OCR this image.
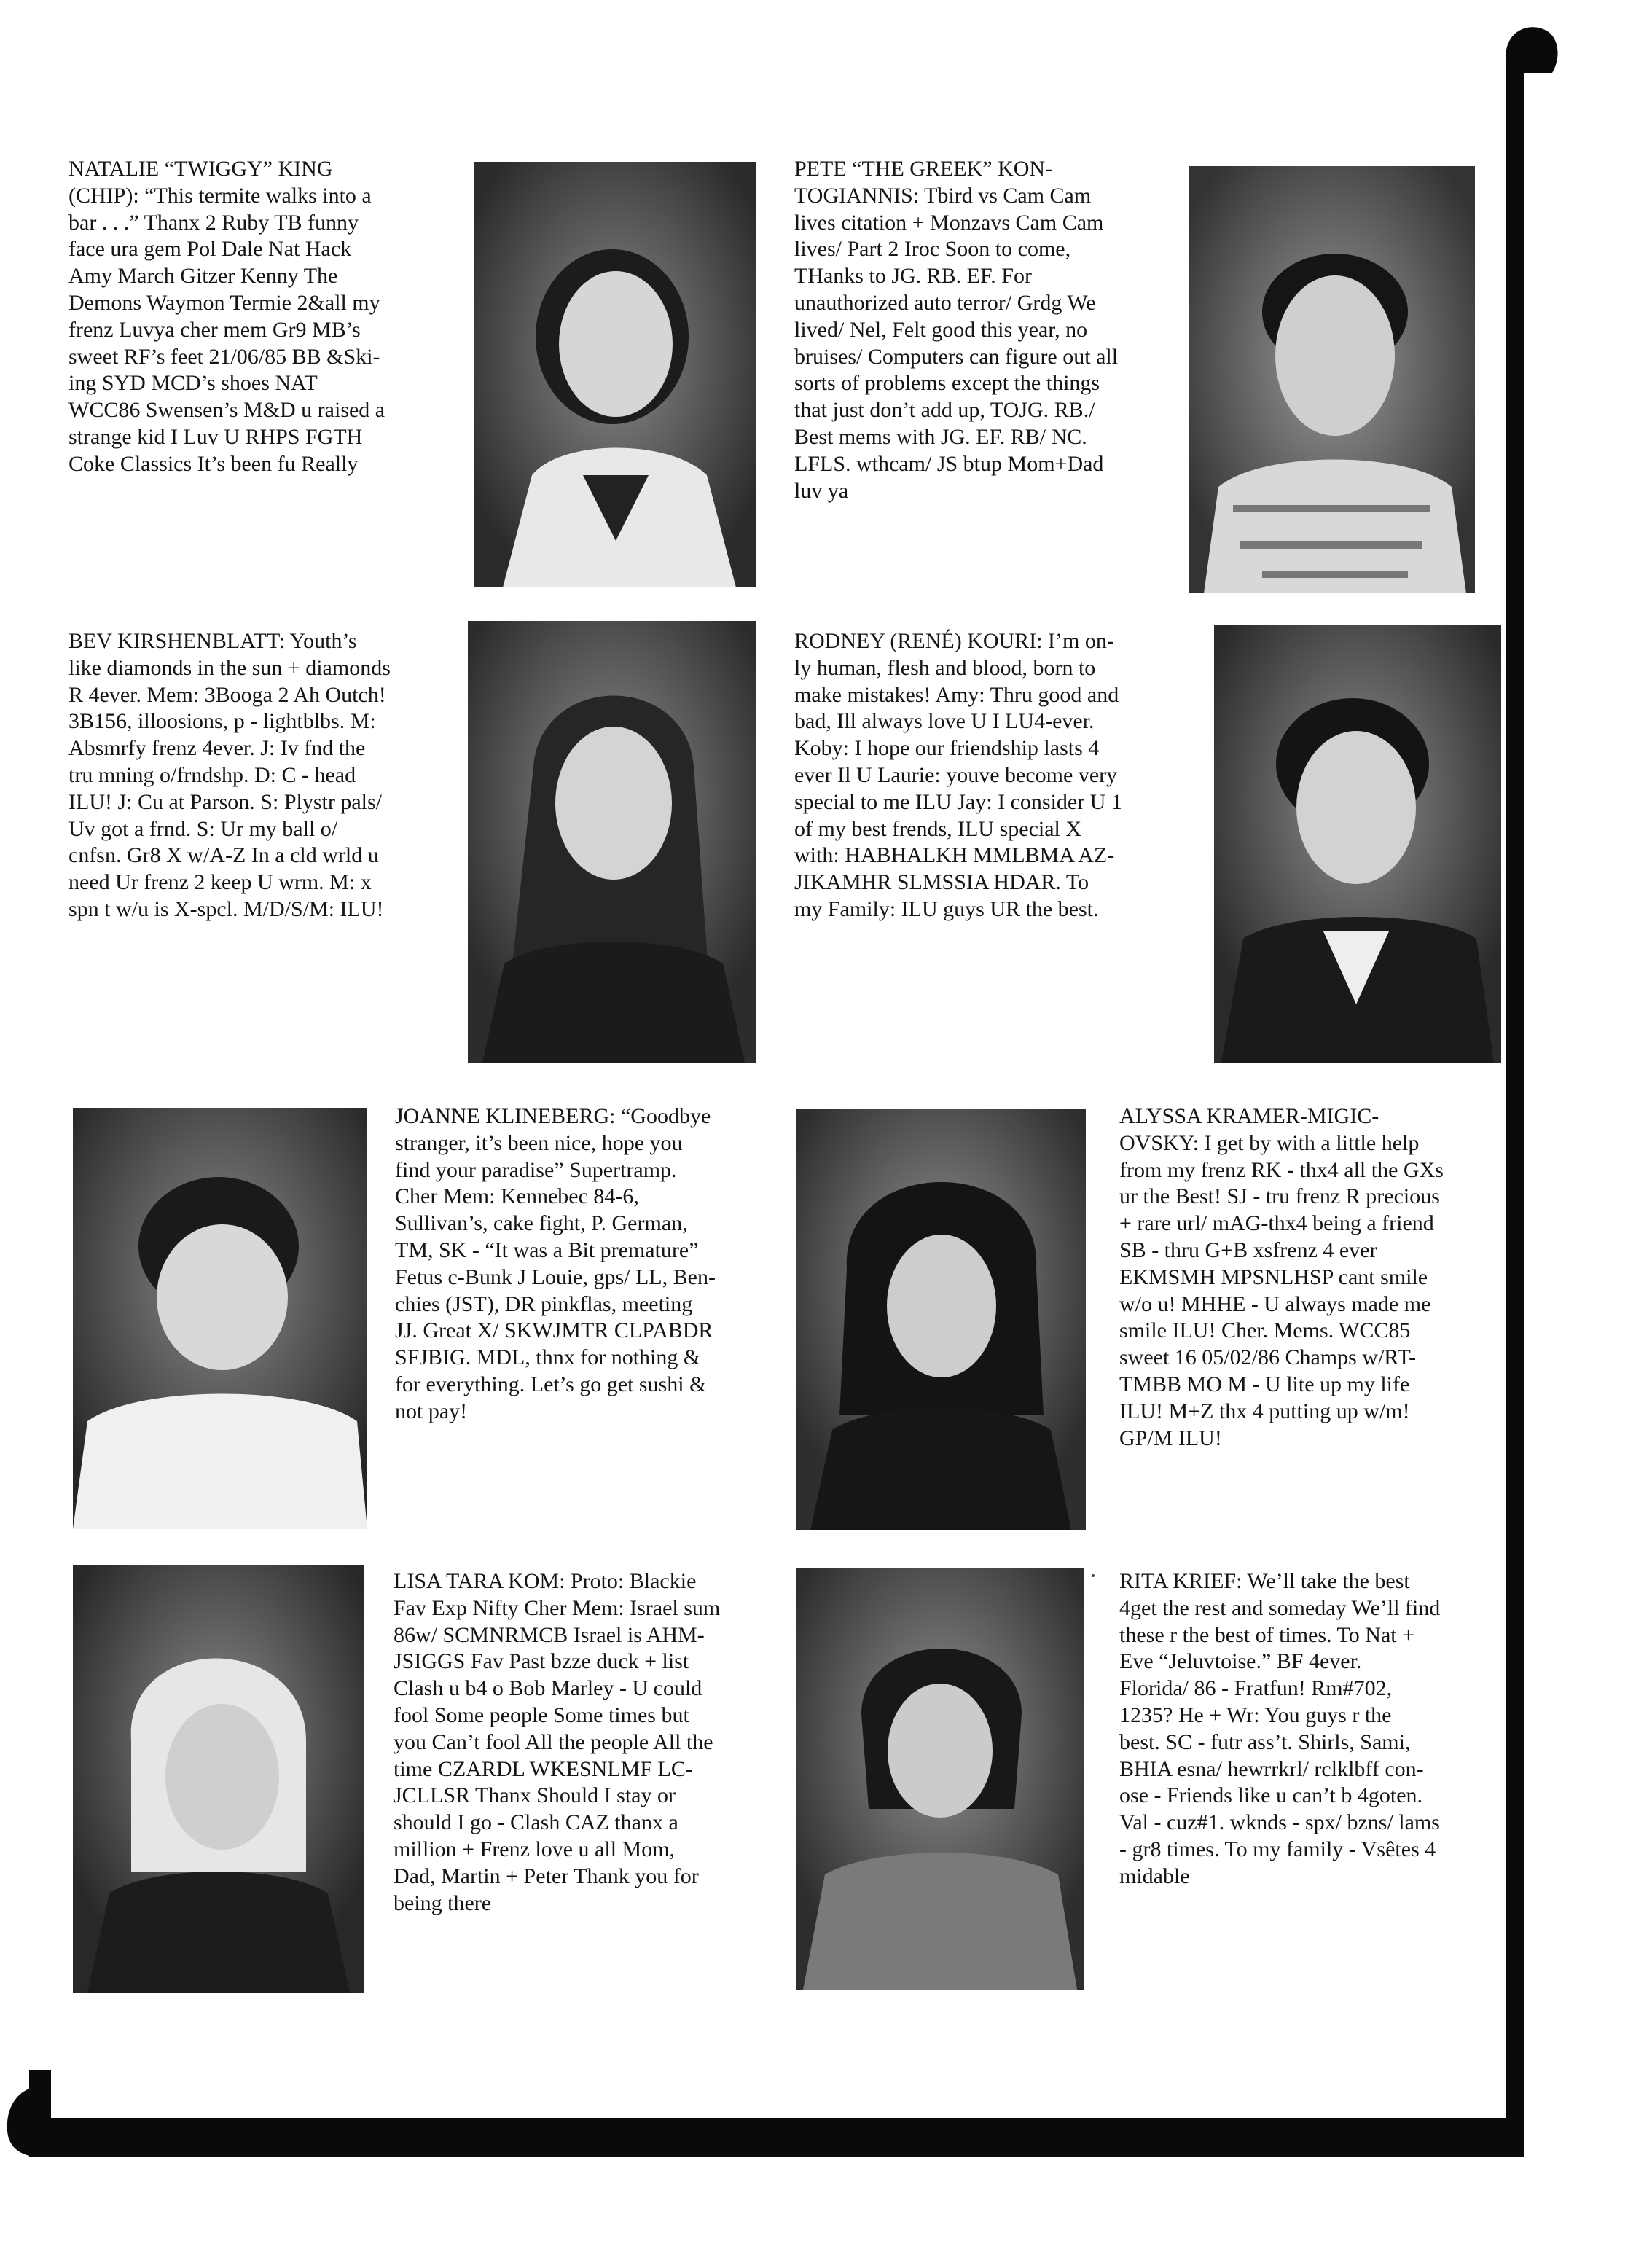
NATALIE “TWIGGY” KING
(CHIP): “This termite walks into a
bar . . .” Thanx 2 Ruby TB funny
face ura gem Pol Dale Nat Hack
Amy March Gitzer Kenny The
Demons Waymon Termie 2&all my
frenz Luvya cher mem Gr9 MB’s
sweet RF’s feet 21/06/85 BB &Ski-
ing SYD MCD’s shoes NAT
WCC86 Swensen’s M&D u raised a
strange kid I Luv U RHPS FGTH
Coke Classics It’s been fu Really
PETE “THE GREEK” KON-
TOGIANNIS: Tbird vs Cam Cam
lives citation + Monzavs Cam Cam
lives/ Part 2 Iroc Soon to come,
THanks to JG. RB. EF. For
unauthorized auto terror/ Grdg We
lived/ Nel, Felt good this year, no
bruises/ Computers can figure out all
sorts of problems except the things
that just don’t add up, TOJG. RB./
Best mems with JG. EF. RB/ NC.
LFLS. wthcam/ JS btup Mom+Dad
luv ya
BEV KIRSHENBLATT: Youth’s
like diamonds in the sun + diamonds
R 4ever. Mem: 3Booga 2 Ah Outch!
3B156, illoosions, p - lightblbs. M:
Absmrfy frenz 4ever. J: Iv fnd the
tru mning o/frndshp. D: C - head
ILU! J: Cu at Parson. S: Plystr pals/
Uv got a frnd. S: Ur my ball o/
cnfsn. Gr8 X w/A-Z In a cld wrld u
need Ur frenz 2 keep U wrm. M: x
spn t w/u is X-spcl. M/D/S/M: ILU!
RODNEY (RENÉ) KOURI: I’m on-
ly human, flesh and blood, born to
make mistakes! Amy: Thru good and
bad, Ill always love U I LU4-ever.
Koby: I hope our friendship lasts 4
ever Il U Laurie: youve become very
special to me ILU Jay: I consider U 1
of my best frends, ILU special X
with: HABHALKH MMLBMA AZ-
JIKAMHR SLMSSIA HDAR. To
my Family: ILU guys UR the best.
JOANNE KLINEBERG: “Goodbye
stranger, it’s been nice, hope you
find your paradise” Supertramp.
Cher Mem: Kennebec 84-6,
Sullivan’s, cake fight, P. German,
TM, SK - “It was a Bit premature”
Fetus c-Bunk J Louie, gps/ LL, Ben-
chies (JST), DR pinkflas, meeting
JJ. Great X/ SKWJMTR CLPABDR
SFJBIG. MDL, thnx for nothing &
for everything. Let’s go get sushi &
not pay!
ALYSSA KRAMER-MIGIC-
OVSKY: I get by with a little help
from my frenz RK - thx4 all the GXs
ur the Best! SJ - tru frenz R precious
+ rare url/ mAG-thx4 being a friend
SB - thru G+B xsfrenz 4 ever
EKMSMH MPSNLHSP cant smile
w/o u! MHHE - U always made me
smile ILU! Cher. Mems. WCC85
sweet 16 05/02/86 Champs w/RT-
TMBB MO M - U lite up my life
ILU! M+Z thx 4 putting up w/m!
GP/M ILU!
LISA TARA KOM: Proto: Blackie
Fav Exp Nifty Cher Mem: Israel sum
86w/ SCMNRMCB Israel is AHM-
JSIGGS Fav Past bzze duck + list
Clash u b4 o Bob Marley - U could
fool Some people Some times but
you Can’t fool All the people All the
time CZARDL WKESNLMF LC-
JCLLSR Thanx Should I stay or
should I go - Clash CAZ thanx a
million + Frenz love u all Mom,
Dad, Martin + Peter Thank you for
being there
RITA KRIEF: We’ll take the best
4get the rest and someday We’ll find
these r the best of times. To Nat +
Eve “Jeluvtoise.” BF 4ever.
Florida/ 86 - Fratfun! Rm#702,
1235? He + Wr: You guys r the
best. SC - futr ass’t. Shirls, Sami,
BHIA esna/ hewrrkrl/ rclklbff con-
ose - Friends like u can’t b 4goten.
Val - cuz#1. wknds - spx/ bzns/ lams
- gr8 times. To my family - Vsêtes 4
midable
